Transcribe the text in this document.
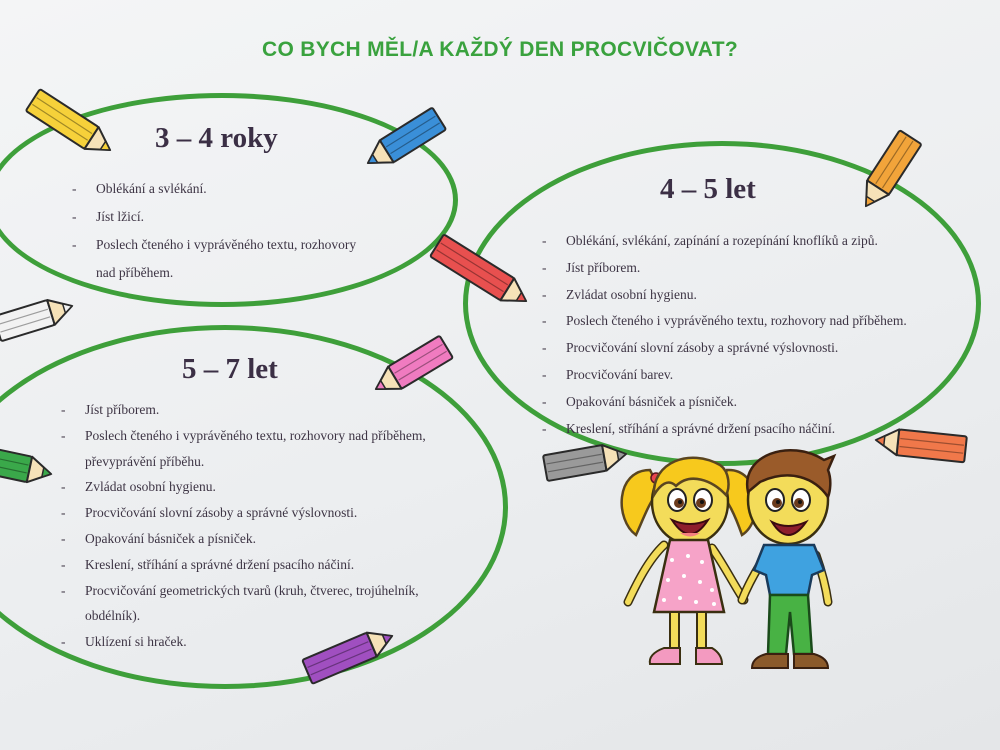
CO BYCH MĚL/A KAŽDÝ DEN PROCVIČOVAT?
3 – 4 roky
- Oblékání a svlékání.
- Jíst lžicí.
- Poslech čteného i vyprávěného textu, rozhovory
nad příběhem.
4 – 5 let
- Oblékání, svlékání, zapínání a rozepínání knoflíků a zipů.
- Jíst příborem.
- Zvládat osobní hygienu.
- Poslech čteného i vyprávěného textu, rozhovory nad příběhem.
- Procvičování slovní zásoby a správné výslovnosti.
- Procvičování barev.
- Opakování básniček a písniček.
- Kreslení, stříhání a správné držení psacího náčiní.
5 – 7 let
- Jíst příborem.
- Poslech čteného i vyprávěného textu, rozhovory nad příběhem,
převyprávění příběhu.
- Zvládat osobní hygienu.
- Procvičování slovní zásoby a správné výslovnosti.
- Opakování básniček a písniček.
- Kreslení, stříhání a správné držení psacího náčiní.
- Procvičování geometrických tvarů (kruh, čtverec, trojúhelník,
obdélník).
- Uklízení si hraček.
